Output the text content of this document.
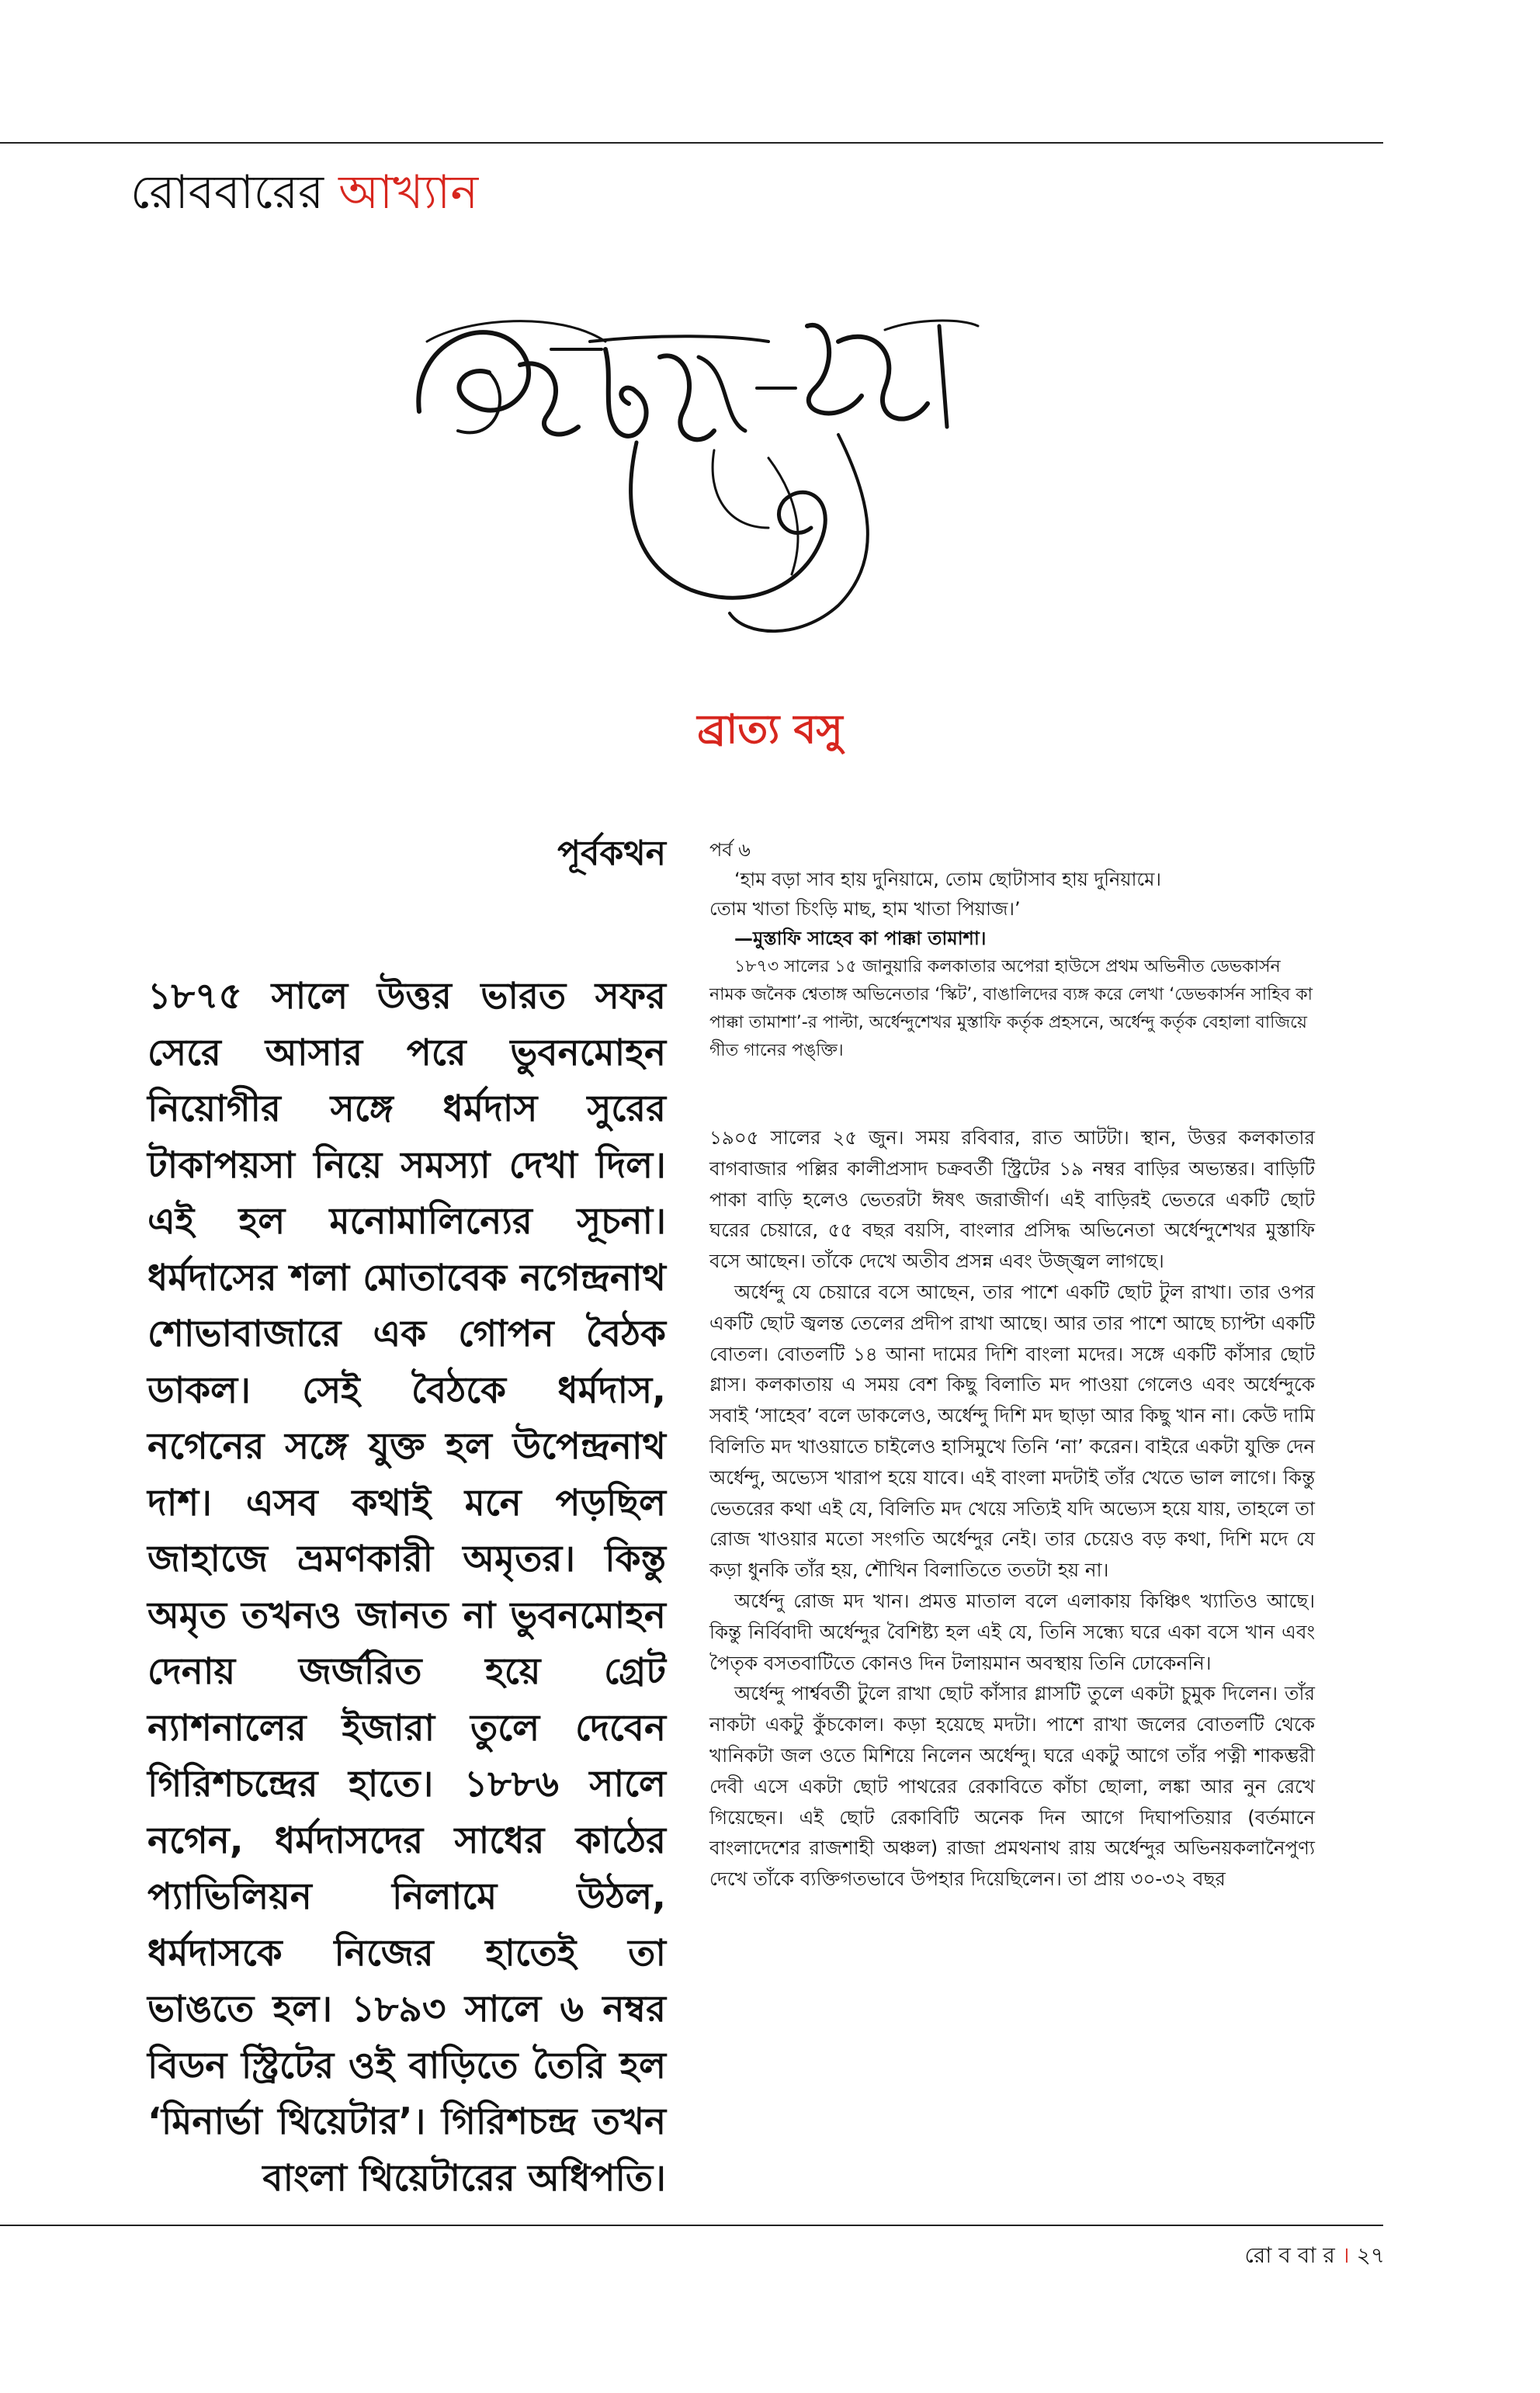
রোববারের আখ্যান
ব্রাত্য বসু
পূর্বকথন
১৮৭৫ সালে উত্তর ভারত সফর সেরে আসার পরে ভুবনমোহন নিয়োগীর সঙ্গে ধর্মদাস সুরের টাকাপয়সা নিয়ে সমস্যা দেখা দিল। এই হল মনোমালিন্যের সূচনা। ধর্মদাসের শলা মোতাবেক নগেন্দ্রনাথ শোভাবাজারে এক গোপন বৈঠক ডাকল। সেই বৈঠকে ধর্মদাস, নগেনের সঙ্গে যুক্ত হল উপেন্দ্রনাথ দাশ। এসব কথাই মনে পড়ছিল জাহাজে ভ্রমণকারী অমৃতর। কিন্তু অমৃত তখনও জানত না ভুবনমোহন দেনায় জর্জরিত হয়ে গ্রেট ন্যাশনালের ইজারা তুলে দেবেন গিরিশচন্দ্রের হাতে। ১৮৮৬ সালে নগেন, ধর্মদাসদের সাধের কাঠের প্যাভিলিয়ন নিলামে উঠল, ধর্মদাসকে নিজের হাতেই তা ভাঙতে হল। ১৮৯৩ সালে ৬ নম্বর বিডন স্ট্রিটের ওই বাড়িতে তৈরি হল ‘মিনার্ভা থিয়েটার’। গিরিশচন্দ্র তখন বাংলা থিয়েটারের অধিপতি।
পর্ব ৬
‘হাম বড়া সাব হায় দুনিয়ামে, তোম ছোটাসাব হায় দুনিয়ামে।
তোম খাতা চিংড়ি মাছ, হাম খাতা পিয়াজ।’
—মুস্তাফি সাহেব কা পাক্কা তামাশা।

১৮৭৩ সালের ১৫ জানুয়ারি কলকাতার অপেরা হাউসে প্রথম অভিনীত ডেভকার্সন নামক জনৈক শ্বেতাঙ্গ অভিনেতার ‘স্কিট’, বাঙালিদের ব্যঙ্গ করে লেখা ‘ডেভকার্সন সাহিব কা পাক্কা তামাশা’-র পাল্টা, অর্ধেন্দুশেখর মুস্তাফি কর্তৃক প্রহসনে, অর্ধেন্দু কর্তৃক বেহালা বাজিয়ে গীত গানের পঙ্‌ক্তি।

১৯০৫ সালের ২৫ জুন। সময় রবিবার, রাত আটটা। স্থান, উত্তর কলকাতার বাগবাজার পল্লির কালীপ্রসাদ চক্রবর্তী স্ট্রিটের ১৯ নম্বর বাড়ির অভ্যন্তর। বাড়িটি পাকা বাড়ি হলেও ভেতরটা ঈষৎ জরাজীর্ণ। এই বাড়িরই ভেতরে একটি ছোট ঘরের চেয়ারে, ৫৫ বছর বয়সি, বাংলার প্রসিদ্ধ অভিনেতা অর্ধেন্দুশেখর মুস্তাফি বসে আছেন। তাঁকে দেখে অতীব প্রসন্ন এবং উজ্জ্বল লাগছে।

অর্ধেন্দু যে চেয়ারে বসে আছেন, তার পাশে একটি ছোট টুল রাখা। তার ওপর একটি ছোট জ্বলন্ত তেলের প্রদীপ রাখা আছে। আর তার পাশে আছে চ্যাপ্টা একটি বোতল। বোতলটি ১৪ আনা দামের দিশি বাংলা মদের। সঙ্গে একটি কাঁসার ছোট গ্লাস। কলকাতায় এ সময় বেশ কিছু বিলাতি মদ পাওয়া গেলেও এবং অর্ধেন্দুকে সবাই ‘সাহেব’ বলে ডাকলেও, অর্ধেন্দু দিশি মদ ছাড়া আর কিছু খান না। কেউ দামি বিলিতি মদ খাওয়াতে চাইলেও হাসিমুখে তিনি ‘না’ করেন। বাইরে একটা যুক্তি দেন অর্ধেন্দু, অভ্যেস খারাপ হয়ে যাবে। এই বাংলা মদটাই তাঁর খেতে ভাল লাগে। কিন্তু ভেতরের কথা এই যে, বিলিতি মদ খেয়ে সত্যিই যদি অভ্যেস হয়ে যায়, তাহলে তা রোজ খাওয়ার মতো সংগতি অর্ধেন্দুর নেই। তার চেয়েও বড় কথা, দিশি মদে যে কড়া ধুনকি তাঁর হয়, শৌখিন বিলাতিতে ততটা হয় না।

অর্ধেন্দু রোজ মদ খান। প্রমত্ত মাতাল বলে এলাকায় কিঞ্চিৎ খ্যাতিও আছে। কিন্তু নির্বিবাদী অর্ধেন্দুর বৈশিষ্ট্য হল এই যে, তিনি সন্ধ্যে ঘরে একা বসে খান এবং পৈতৃক বসতবাটিতে কোনও দিন টলায়মান অবস্থায় তিনি ঢোকেননি।

অর্ধেন্দু পার্শ্ববর্তী টুলে রাখা ছোট কাঁসার গ্লাসটি তুলে একটা চুমুক দিলেন। তাঁর নাকটা একটু কুঁচকোল। কড়া হয়েছে মদটা। পাশে রাখা জলের বোতলটি থেকে খানিকটা জল ওতে মিশিয়ে নিলেন অর্ধেন্দু। ঘরে একটু আগে তাঁর পত্নী শাকম্ভরী দেবী এসে একটা ছোট পাথরের রেকাবিতে কাঁচা ছোলা, লঙ্কা আর নুন রেখে গিয়েছেন। এই ছোট রেকাবিটি অনেক দিন আগে দিঘাপতিয়ার (বর্তমানে বাংলাদেশের রাজশাহী অঞ্চল) রাজা প্রমথনাথ রায় অর্ধেন্দুর অভিনয়কলানৈপুণ্য দেখে তাঁকে ব্যক্তিগতভাবে উপহার দিয়েছিলেন। তা প্রায় ৩০-৩২ বছর

রো ব বা র । ২৭
